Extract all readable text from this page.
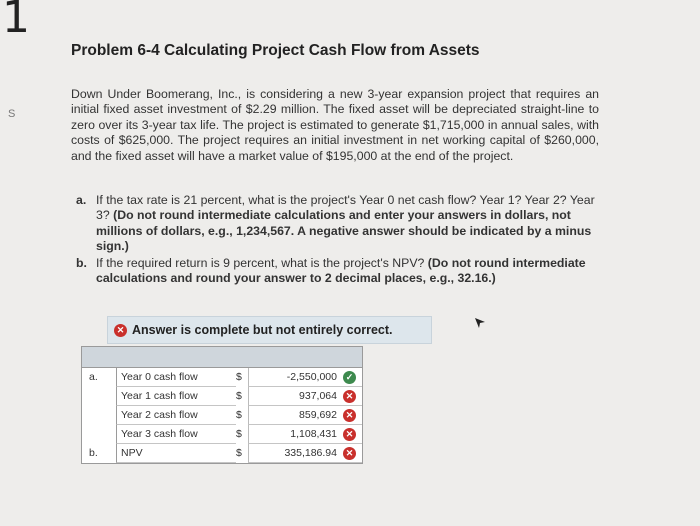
1
S
Problem 6-4 Calculating Project Cash Flow from Assets
Down Under Boomerang, Inc., is considering a new 3-year expansion project that requires an initial fixed asset investment of $2.29 million. The fixed asset will be depreciated straight-line to zero over its 3-year tax life. The project is estimated to generate $1,715,000 in annual sales, with costs of $625,000. The project requires an initial investment in net working capital of $260,000, and the fixed asset will have a market value of $195,000 at the end of the project.
a. If the tax rate is 21 percent, what is the project's Year 0 net cash flow? Year 1? Year 2? Year 3? (Do not round intermediate calculations and enter your answers in dollars, not millions of dollars, e.g., 1,234,567. A negative answer should be indicated by a minus sign.)
b. If the required return is 9 percent, what is the project's NPV? (Do not round intermediate calculations and round your answer to 2 decimal places, e.g., 32.16.)
✕ Answer is complete but not entirely correct.
a. Year 0 cash flow	$	-2,550,000 ✓
Year 1 cash flow	$	937,064 ✕
Year 2 cash flow	$	859,692 ✕
Year 3 cash flow	$	1,108,431 ✕
b. NPV	$	335,186.94 ✕
